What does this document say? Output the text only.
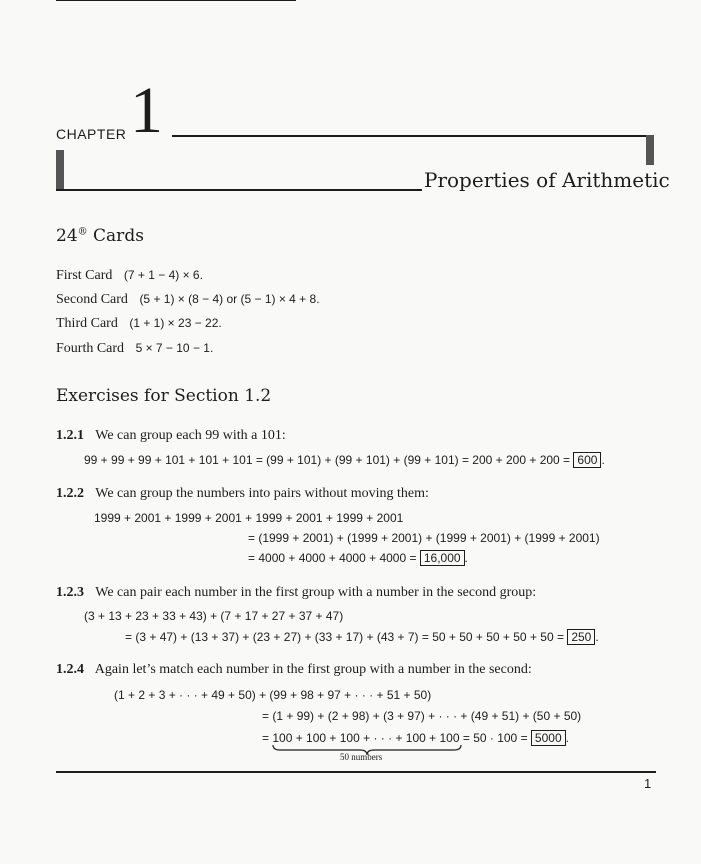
CHAPTER 1
Properties of Arithmetic
24® Cards
First Card (7 + 1 − 4) × 6.
Second Card (5 + 1) × (8 − 4) or (5 − 1) × 4 + 8.
Third Card (1 + 1) × 23 − 22.
Fourth Card 5 × 7 − 10 − 1.
Exercises for Section 1.2
1.2.1 We can group each 99 with a 101:
99 + 99 + 99 + 101 + 101 + 101 = (99 + 101) + (99 + 101) + (99 + 101) = 200 + 200 + 200 = 600 .
1.2.2 We can group the numbers into pairs without moving them:
1999 + 2001 + 1999 + 2001 + 1999 + 2001 + 1999 + 2001
= (1999 + 2001) + (1999 + 2001) + (1999 + 2001) + (1999 + 2001)
= 4000 + 4000 + 4000 + 4000 = 16,000 .
1.2.3 We can pair each number in the first group with a number in the second group:
(3 + 13 + 23 + 33 + 43) + (7 + 17 + 27 + 37 + 47)
= (3 + 47) + (13 + 37) + (23 + 27) + (33 + 17) + (43 + 7) = 50 + 50 + 50 + 50 + 50 = 250 .
1.2.4 Again let’s match each number in the first group with a number in the second:
(1 + 2 + 3 + · · · + 49 + 50) + (99 + 98 + 97 + · · · + 51 + 50)
= (1 + 99) + (2 + 98) + (3 + 97) + · · · + (49 + 51) + (50 + 50)
= 100 + 100 + 100 + · · · + 100 + 100 = 50 · 100 = 5000 .
50 numbers
1
